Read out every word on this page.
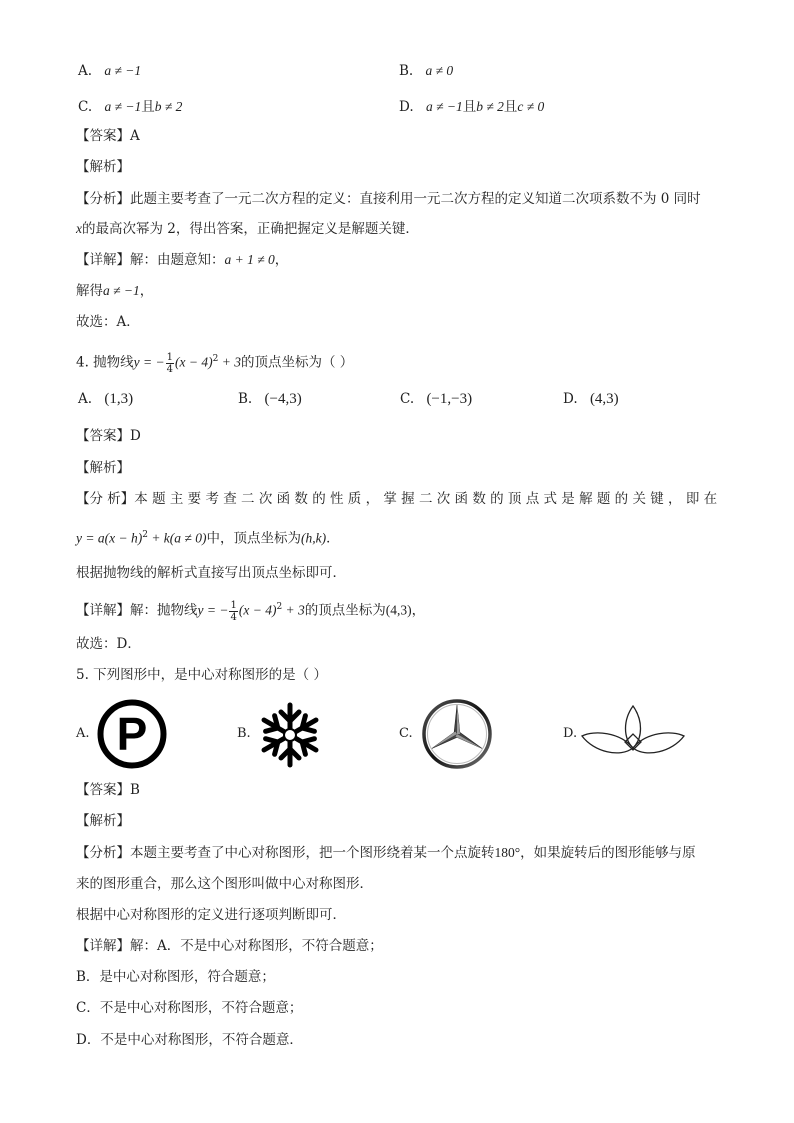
A. a ≠ −1	B. a ≠ 0
C. a ≠ −1且b ≠ 2	D. a ≠ −1且b ≠ 2且c ≠ 0
【答案】A
【解析】
【分析】此题主要考查了一元二次方程的定义：直接利用一元二次方程的定义知道二次项系数不为 0 同时
x的最高次幂为 2，得出答案，正确把握定义是解题关键．
【详解】解：由题意知：a + 1 ≠ 0，
解得a ≠ −1，
故选：A．
4. 抛物线y = − $\frac{1}{4} (x - 4)^2 + 3$的顶点坐标为（ ）
A. (1,3)	B. (−4,3)	C. (−1,−3)	D. (4,3)
【答案】D
【解析】
【分 析】本 题 主 要 考 查 二 次 函 数 的 性 质 ， 掌 握 二 次 函 数 的 顶 点 式 是 解 题 的 关 键 ， 即 在
$y = a(x - h)^2 + k(a \ne 0)$中，顶点坐标为(h,k)．
根据抛物线的解析式直接写出顶点坐标即可．
【详解】解：抛物线y = − $\frac{1}{4} (x - 4)^2 + 3$的顶点坐标为(4,3)，
故选：D．
5. 下列图形中，是中心对称图形的是（ ）
A. P	B.	C.	D.
【答案】B
【解析】
【分析】本题主要考查了中心对称图形，把一个图形绕着某一个点旋转180°，如果旋转后的图形能够与原
来的图形重合，那么这个图形叫做中心对称图形．
根据中心对称图形的定义进行逐项判断即可．
【详解】解：A．不是中心对称图形，不符合题意；
B．是中心对称图形，符合题意；
C．不是中心对称图形，不符合题意；
D．不是中心对称图形，不符合题意．
